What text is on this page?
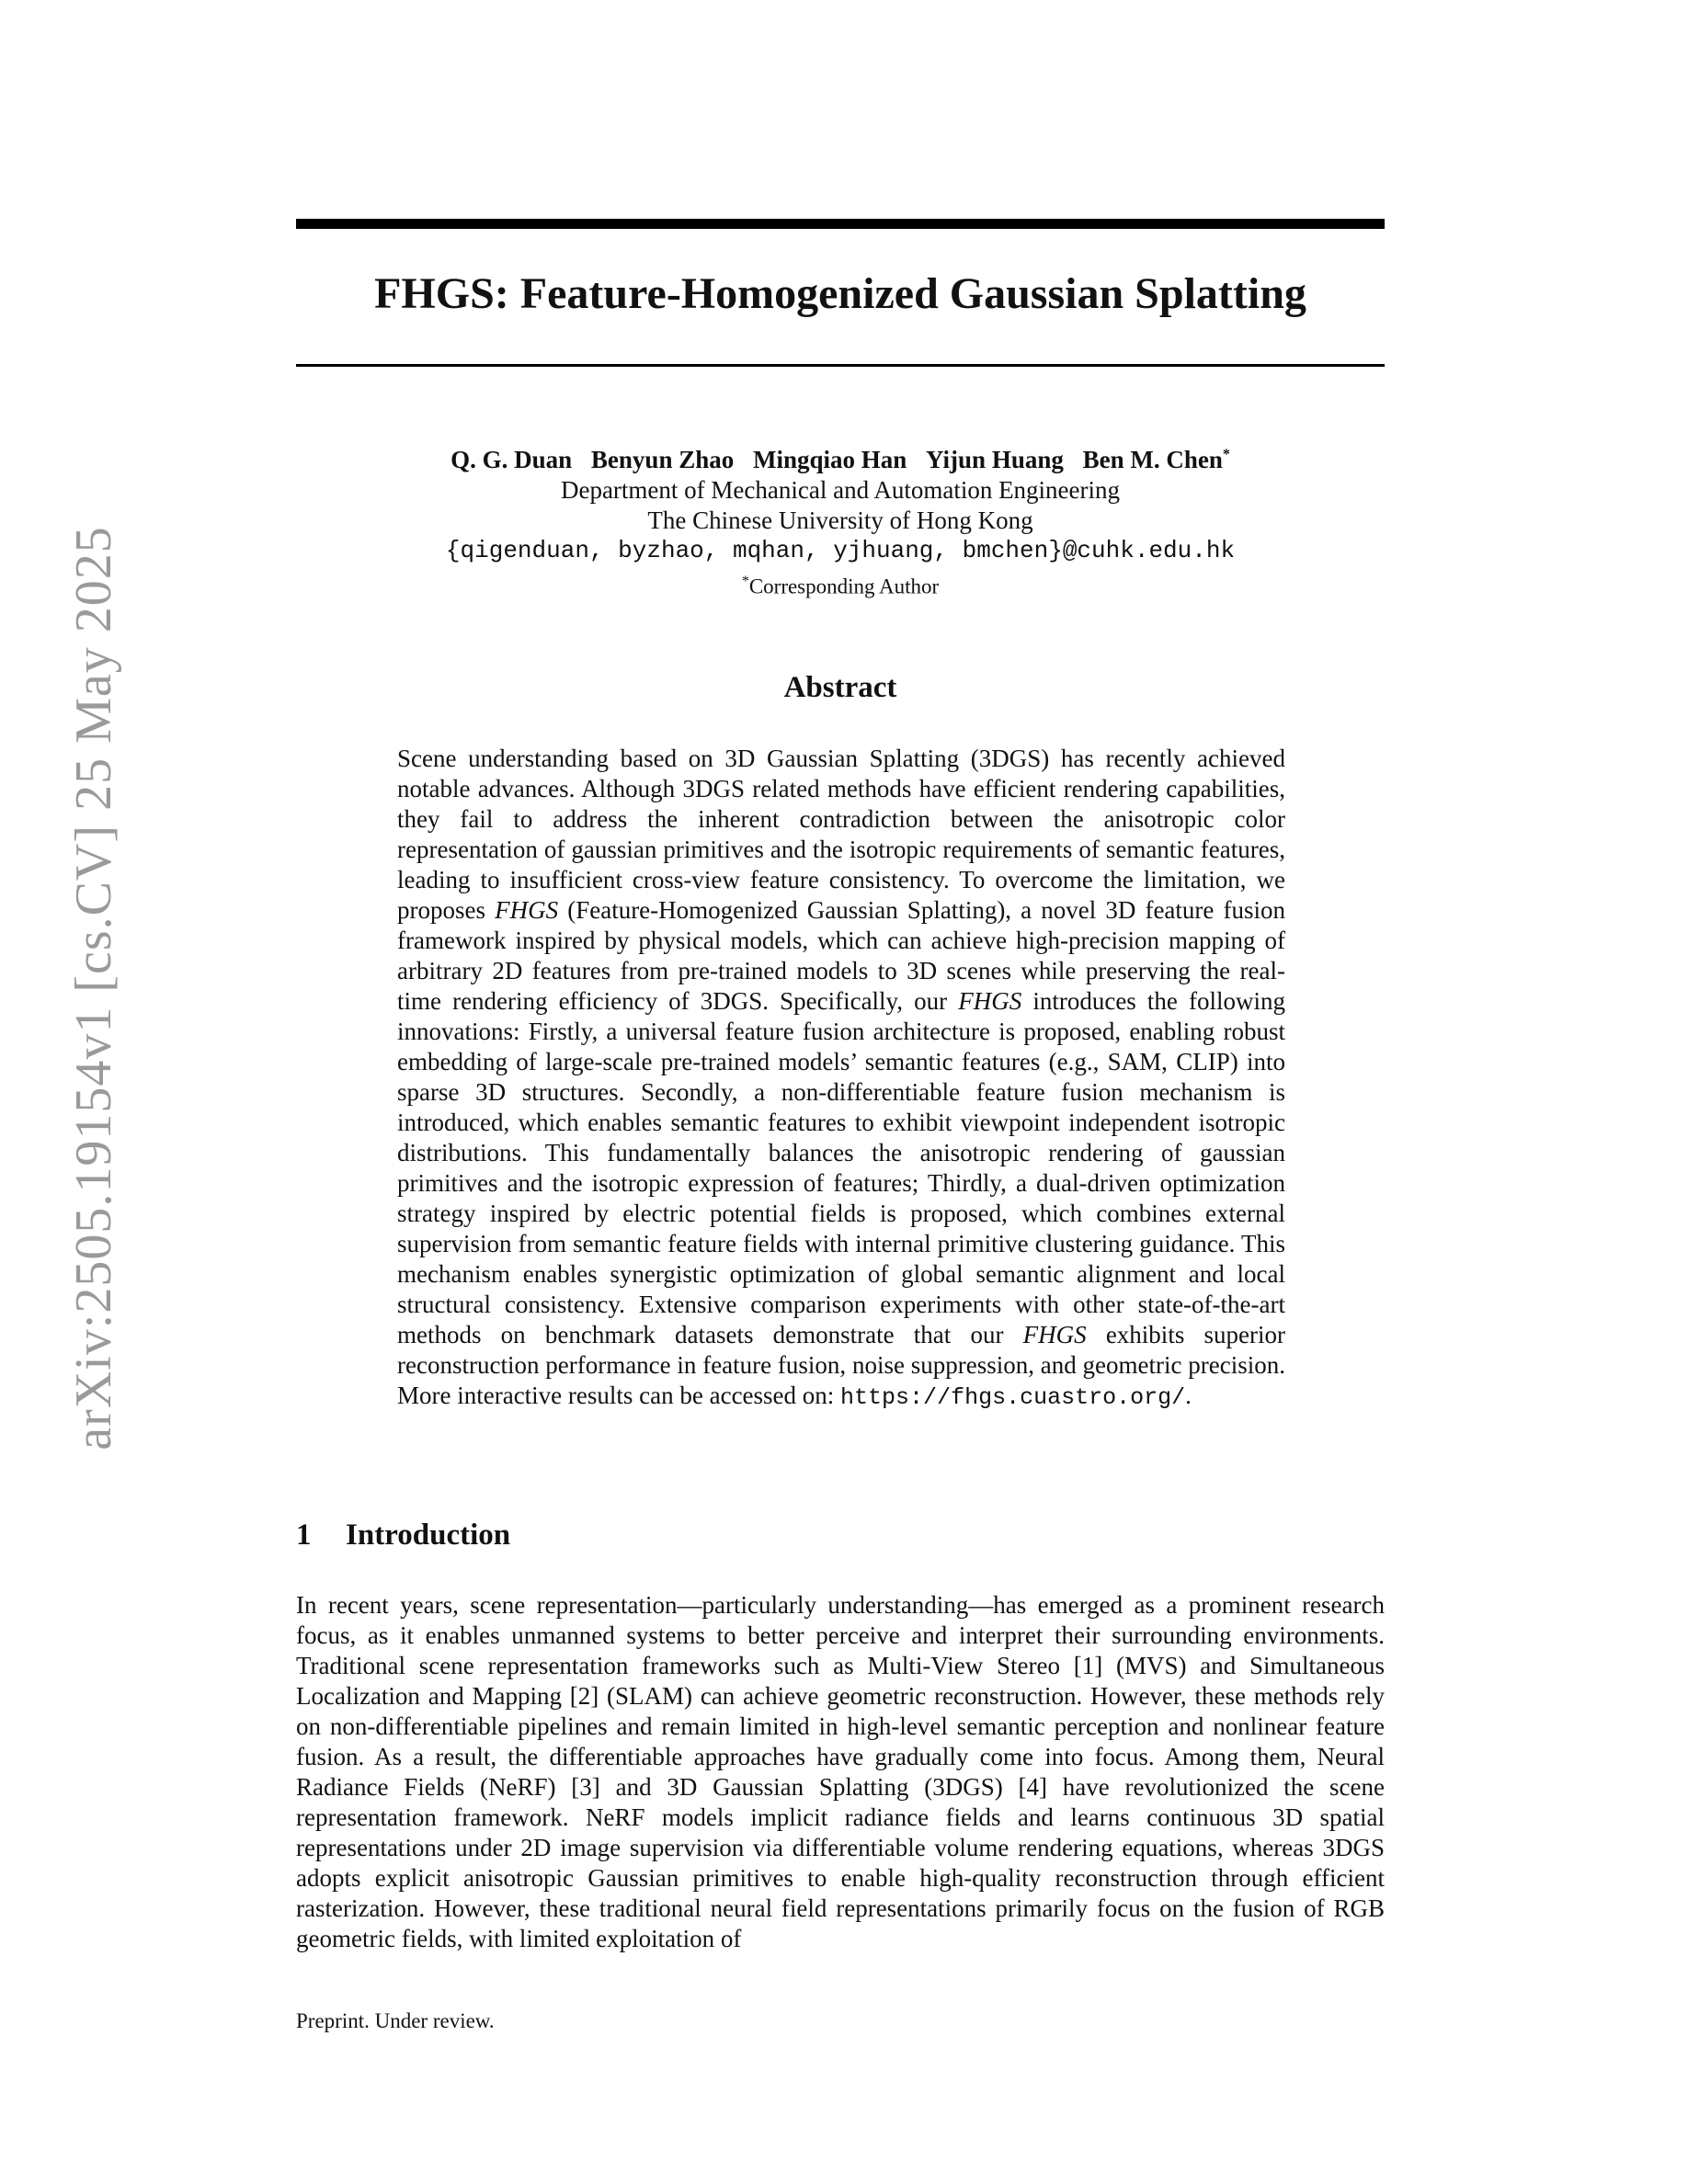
arXiv:2505.19154v1 [cs.CV] 25 May 2025
FHGS: Feature-Homogenized Gaussian Splatting
Q. G. Duan Benyun Zhao Mingqiao Han Yijun Huang Ben M. Chen*
Department of Mechanical and Automation Engineering
The Chinese University of Hong Kong
{qigenduan, byzhao, mqhan, yjhuang, bmchen}@cuhk.edu.hk
*Corresponding Author
Abstract

Scene understanding based on 3D Gaussian Splatting (3DGS) has recently achieved notable advances. Although 3DGS related methods have efficient rendering capabilities, they fail to address the inherent contradiction between the anisotropic color representation of gaussian primitives and the isotropic requirements of semantic features, leading to insufficient cross-view feature consistency. To overcome the limitation, we proposes FHGS (Feature-Homogenized Gaussian Splatting), a novel 3D feature fusion framework inspired by physical models, which can achieve high-precision mapping of arbitrary 2D features from pre-trained models to 3D scenes while preserving the real-time rendering efficiency of 3DGS. Specifically, our FHGS introduces the following innovations: Firstly, a universal feature fusion architecture is proposed, enabling robust embedding of large-scale pre-trained models’ semantic features (e.g., SAM, CLIP) into sparse 3D structures. Secondly, a non-differentiable feature fusion mechanism is introduced, which enables semantic features to exhibit viewpoint independent isotropic distributions. This fundamentally balances the anisotropic rendering of gaussian primitives and the isotropic expression of features; Thirdly, a dual-driven optimization strategy inspired by electric potential fields is proposed, which combines external supervision from semantic feature fields with internal primitive clustering guidance. This mechanism enables synergistic optimization of global semantic alignment and local structural consistency. Extensive comparison experiments with other state-of-the-art methods on benchmark datasets demonstrate that our FHGS exhibits superior reconstruction performance in feature fusion, noise suppression, and geometric precision. More interactive results can be accessed on: https://fhgs.cuastro.org/.

1 Introduction

In recent years, scene representation—particularly understanding—has emerged as a prominent research focus, as it enables unmanned systems to better perceive and interpret their surrounding environments. Traditional scene representation frameworks such as Multi-View Stereo [1] (MVS) and Simultaneous Localization and Mapping [2] (SLAM) can achieve geometric reconstruction. However, these methods rely on non-differentiable pipelines and remain limited in high-level semantic perception and nonlinear feature fusion. As a result, the differentiable approaches have gradually come into focus. Among them, Neural Radiance Fields (NeRF) [3] and 3D Gaussian Splatting (3DGS) [4] have revolutionized the scene representation framework. NeRF models implicit radiance fields and learns continuous 3D spatial representations under 2D image supervision via differentiable volume rendering equations, whereas 3DGS adopts explicit anisotropic Gaussian primitives to enable high-quality reconstruction through efficient rasterization. However, these traditional neural field representations primarily focus on the fusion of RGB geometric fields, with limited exploitation of

Preprint. Under review.
